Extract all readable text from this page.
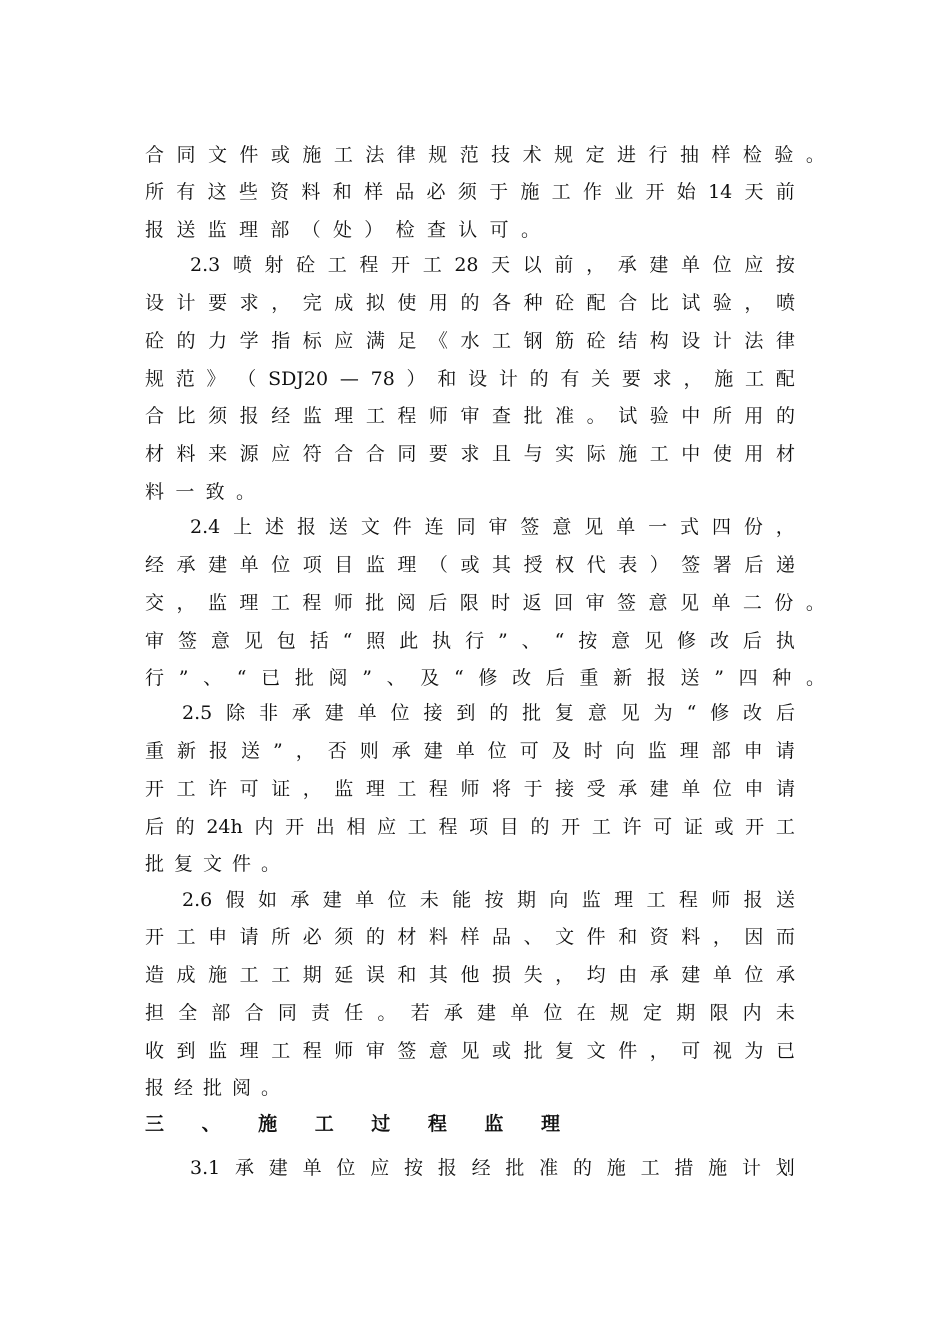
合 同 文 件 或 施 工 法 律 规 范 技 术 规 定 进 行 抽 样 检 验 。
所 有 这 些 资 料 和 样 品 必 须 于 施 工 作 业 开 始 14 天 前
报 送 监 理 部 （ 处 ） 检 查 认 可 。
2.3 喷 射 砼 工 程 开 工 28 天 以 前 ， 承 建 单 位 应 按
设 计 要 求 ， 完 成 拟 使 用 的 各 种 砼 配 合 比 试 验 ， 喷
砼 的 力 学 指 标 应 满 足 《 水 工 钢 筋 砼 结 构 设 计 法 律
规 范 》 （ SDJ20 — 78 ） 和 设 计 的 有 关 要 求 ， 施 工 配
合 比 须 报 经 监 理 工 程 师 审 查 批 准 。 试 验 中 所 用 的
材 料 来 源 应 符 合 合 同 要 求 且 与 实 际 施 工 中 使 用 材
料 一 致 。
2.4 上 述 报 送 文 件 连 同 审 签 意 见 单 一 式 四 份 ，
经 承 建 单 位 项 目 监 理 （ 或 其 授 权 代 表 ） 签 署 后 递
交 ， 监 理 工 程 师 批 阅 后 限 时 返 回 审 签 意 见 单 二 份 。
审 签 意 见 包 括 “ 照 此 执 行 ” 、 “ 按 意 见 修 改 后 执
行 ” 、 “ 已 批 阅 ” 、 及 “ 修 改 后 重 新 报 送 ” 四 种 。
2.5 除 非 承 建 单 位 接 到 的 批 复 意 见 为 “ 修 改 后
重 新 报 送 ” ， 否 则 承 建 单 位 可 及 时 向 监 理 部 申 请
开 工 许 可 证 ， 监 理 工 程 师 将 于 接 受 承 建 单 位 申 请
后 的 24h 内 开 出 相 应 工 程 项 目 的 开 工 许 可 证 或 开 工
批 复 文 件 。
2.6 假 如 承 建 单 位 未 能 按 期 向 监 理 工 程 师 报 送
开 工 申 请 所 必 须 的 材 料 样 品 、 文 件 和 资 料 ， 因 而
造 成 施 工 工 期 延 误 和 其 他 损 失 ， 均 由 承 建 单 位 承
担 全 部 合 同 责 任 。 若 承 建 单 位 在 规 定 期 限 内 未
收 到 监 理 工 程 师 审 签 意 见 或 批 复 文 件 ， 可 视 为 已
报 经 批 阅 。
三 、 施 工 过 程 监 理
3.1 承 建 单 位 应 按 报 经 批 准 的 施 工 措 施 计 划
